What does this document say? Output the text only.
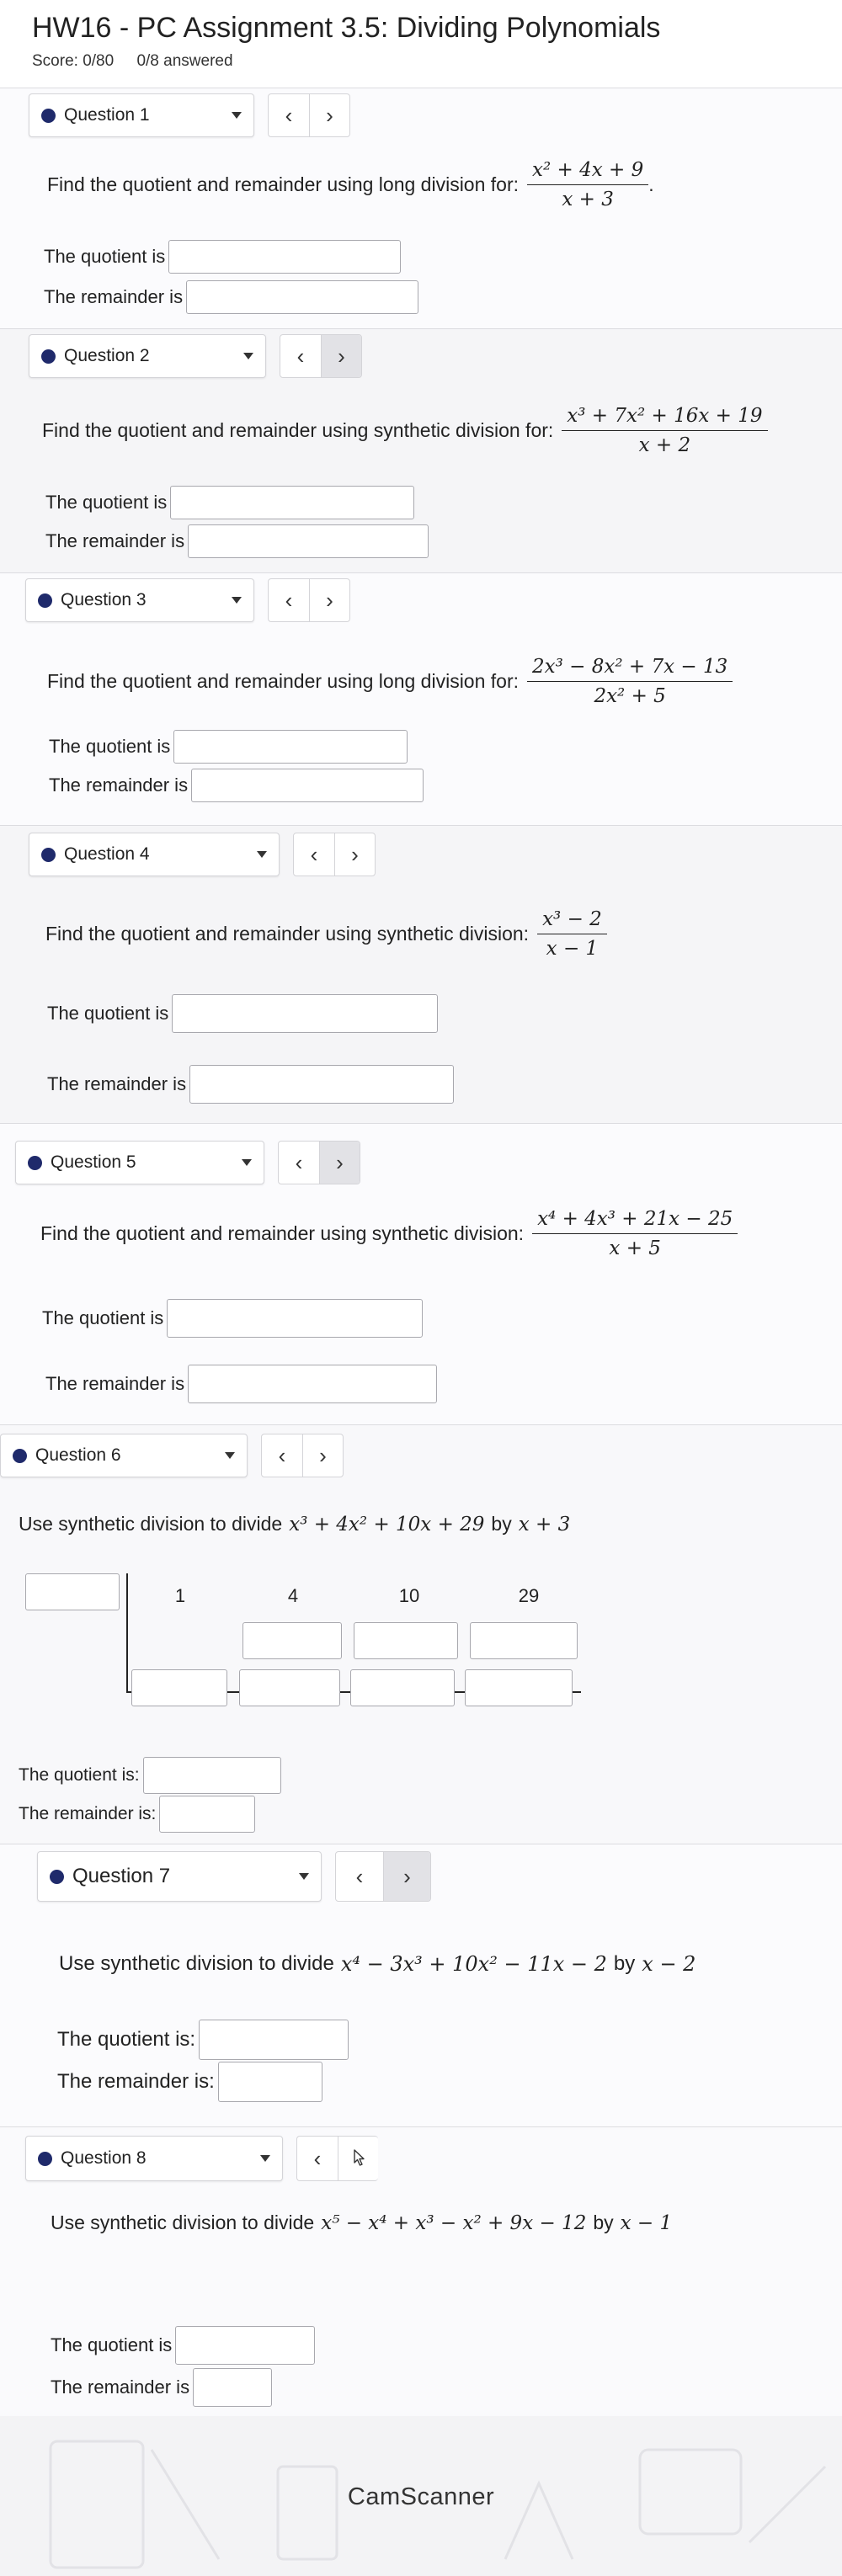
HW16 - PC Assignment 3.5: Dividing Polynomials
Score: 0/80 0/8 answered
Question 1	‹	›
Find the quotient and remainder using long division for: $\frac{\text{x² + 4x + 9}}{x + 3}$ .
The quotient is
The remainder is
Question 2	‹	›
Find the quotient and remainder using synthetic division for: $\frac{\text{x³ + 7x² + 16x + 19}}{x + 2}$
The quotient is
The remainder is
Question 3	‹	›
Find the quotient and remainder using long division for: $\frac{\text{2x³ − 8x² + 7x − 13}}{\text{2x² + 5}}$
The quotient is
The remainder is
Question 4	‹	›
Find the quotient and remainder using synthetic division: $\frac{\text{x³ − 2}}{x - 1}$
The quotient is
The remainder is
Question 5	‹	›
Find the quotient and remainder using synthetic division: $\frac{\text{x⁴ + 4x³ + 21x − 25}}{x + 5}$
The quotient is
The remainder is
Question 6	‹	›
Use synthetic division to divide x³ + 4x² + 10x + 29 by x + 3
1	4	10	29
The quotient is:
The remainder is:
Question 7	‹	›
Use synthetic division to divide x⁴ − 3x³ + 10x² − 11x − 2 by x − 2
The quotient is:
The remainder is:
Question 8	‹
Use synthetic division to divide x⁵ − x⁴ + x³ − x² + 9x − 12 by x − 1
The quotient is
The remainder is
CamScanner
